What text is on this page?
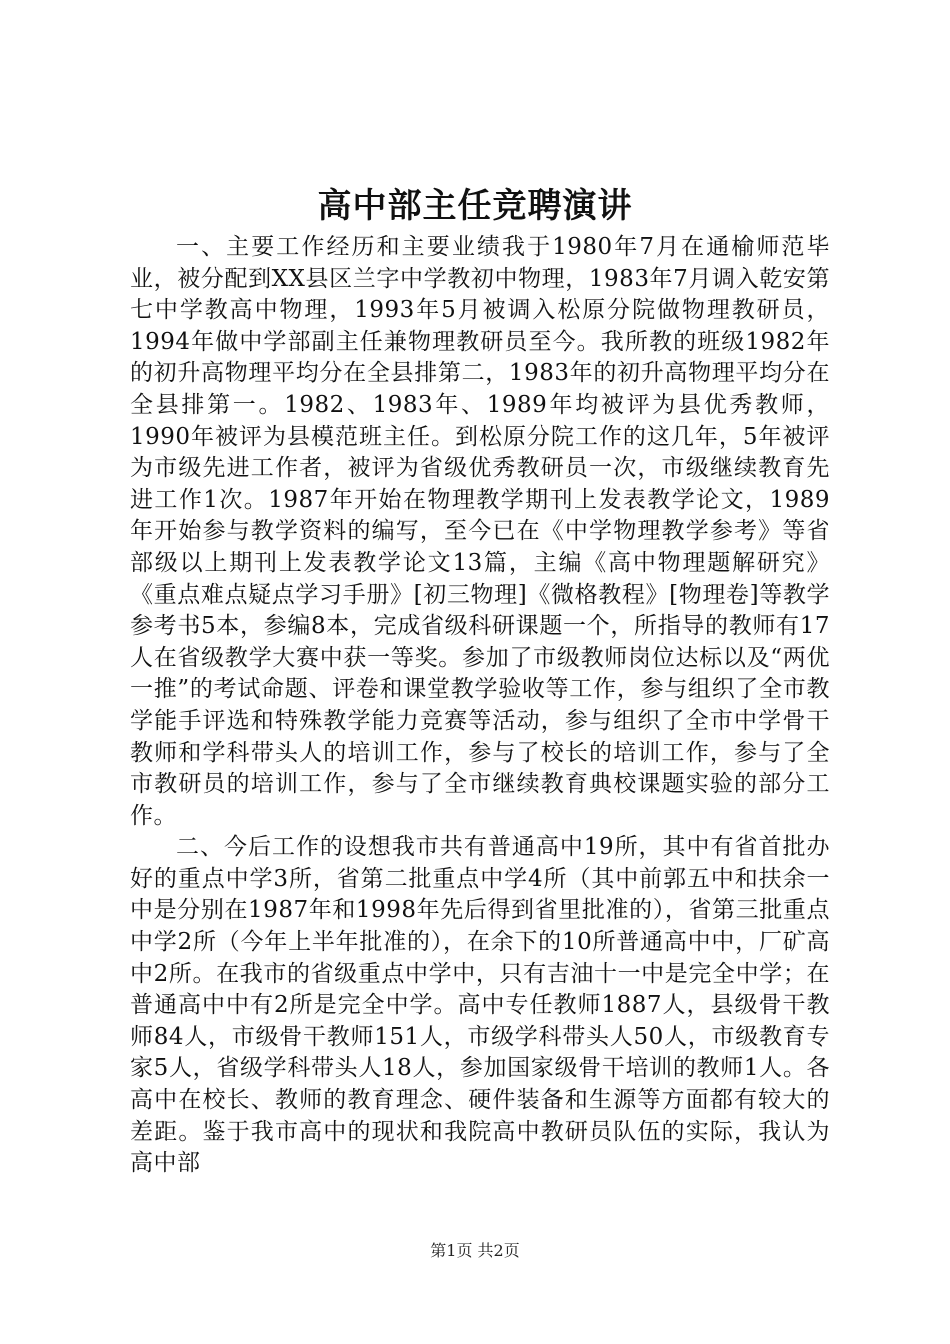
高中部主任竞聘演讲

一、主要工作经历和主要业绩我于1980年7月在通榆师范毕业，被分配到XX县区兰字中学教初中物理，1983年7月调入乾安第七中学教高中物理，1993年5月被调入松原分院做物理教研员，1994年做中学部副主任兼物理教研员至今。我所教的班级1982年的初升高物理平均分在全县排第二，1983年的初升高物理平均分在全县排第一。1982、1983年、1989年均被评为县优秀教师，1990年被评为县模范班主任。到松原分院工作的这几年，5年被评为市级先进工作者，被评为省级优秀教研员一次，市级继续教育先进工作1次。1987年开始在物理教学期刊上发表教学论文，1989年开始参与教学资料的编写，至今已在《中学物理教学参考》等省部级以上期刊上发表教学论文13篇，主编《高中物理题解研究》《重点难点疑点学习手册》[初三物理]《微格教程》[物理卷]等教学参考书5本，参编8本，完成省级科研课题一个，所指导的教师有17人在省级教学大赛中获一等奖。参加了市级教师岗位达标以及“两优一推”的考试命题、评卷和课堂教学验收等工作，参与组织了全市教学能手评选和特殊教学能力竞赛等活动，参与组织了全市中学骨干教师和学科带头人的培训工作，参与了校长的培训工作，参与了全市教研员的培训工作，参与了全市继续教育典校课题实验的部分工作。

二、今后工作的设想我市共有普通高中19所，其中有省首批办好的重点中学3所，省第二批重点中学4所（其中前郭五中和扶余一中是分别在1987年和1998年先后得到省里批准的），省第三批重点中学2所（今年上半年批准的），在余下的10所普通高中中，厂矿高中2所。在我市的省级重点中学中，只有吉油十一中是完全中学；在普通高中中有2所是完全中学。高中专任教师1887人，县级骨干教师84人，市级骨干教师151人，市级学科带头人50人，市级教育专家5人，省级学科带头人18人，参加国家级骨干培训的教师1人。各高中在校长、教师的教育理念、硬件装备和生源等方面都有较大的差距。鉴于我市高中的现状和我院高中教研员队伍的实际，我认为高中部

第1页 共2页
